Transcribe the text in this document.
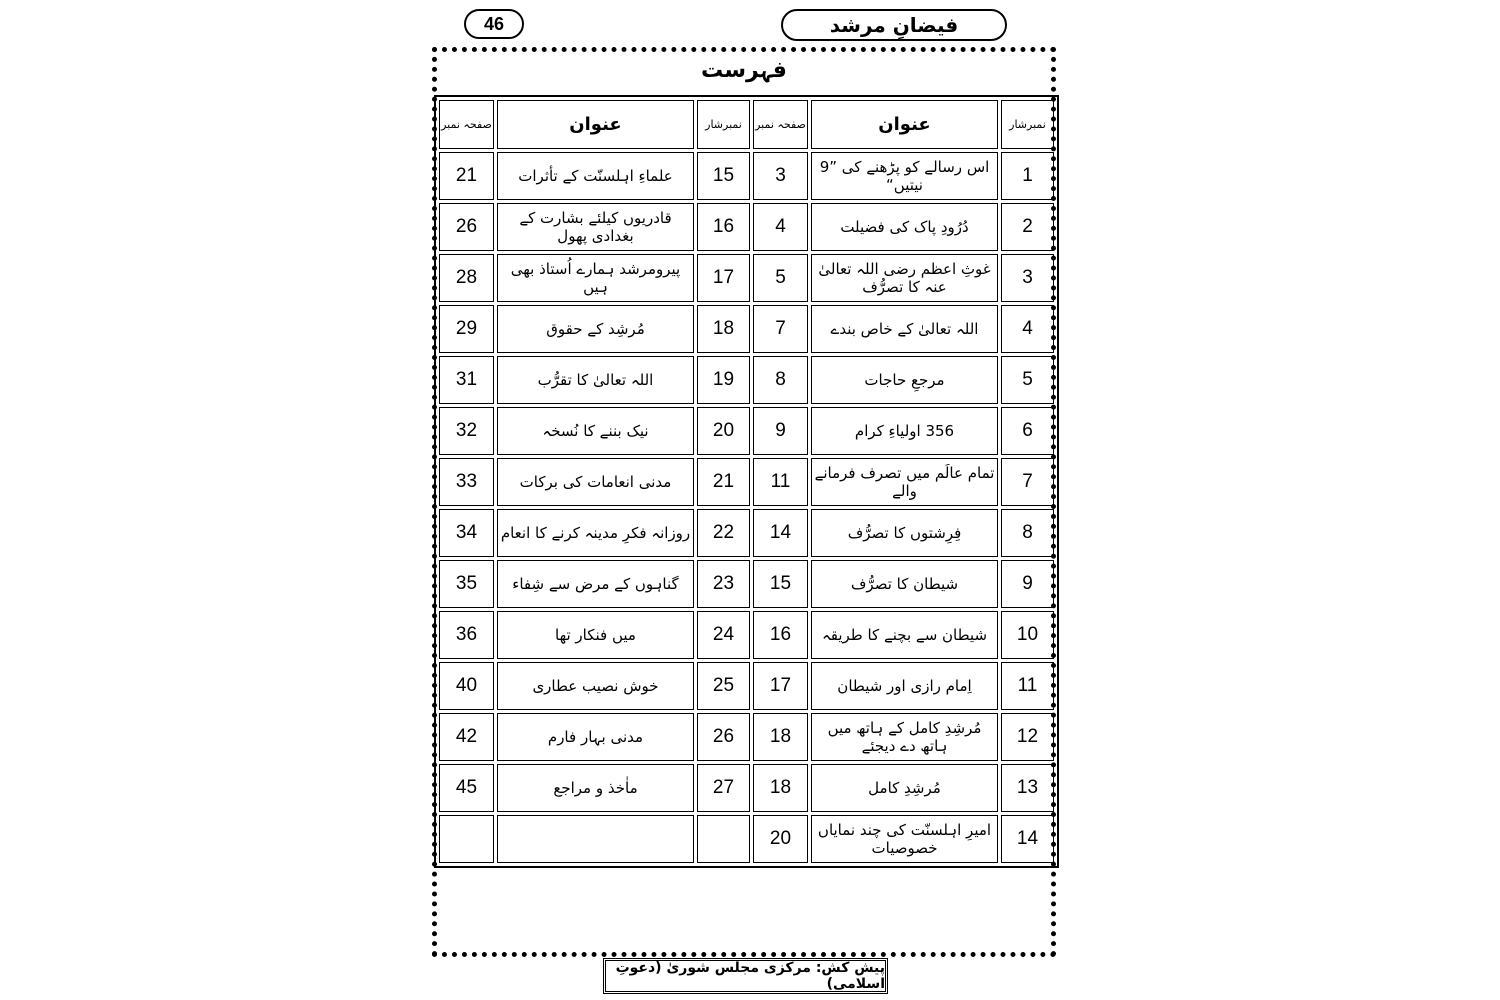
46	فیضانِ مرشد
فہرست
صفحہ نمبر	عنوان	نمبرشار	صفحہ نمبر	عنوان	نمبرشار
21	علماءِ اہلسنّت کے تأثرات	15	3	اس رسالے کو پڑھنے کی ”9 نیتیں“	1
26	قادریوں کیلئے بشارت کے بغدادی پھول	16	4	دُرُودِ پاک کی فضیلت	2
28	پیرومرشد ہمارے اُستاذ بھی ہیں	17	5	غوثِ اعظم رضی اللہ تعالیٰ عنہ کا تصرُّف	3
29	مُرشِد کے حقوق	18	7	اللہ تعالیٰ کے خاص بندے	4
31	اللہ تعالیٰ کا تقرُّب	19	8	مرجعِ حاجات	5
32	نیک بننے کا نُسخہ	20	9	356 اولیاءِ کرام	6
33	مدنی انعامات کی برکات	21	11	تمام عالَم میں تصرف فرمانے والے	7
34	روزانہ فکرِ مدینہ کرنے کا انعام	22	14	فِرِشتوں کا تصرُّف	8
35	گناہوں کے مرض سے شِفاء	23	15	شیطان کا تصرُّف	9
36	میں فنکار تھا	24	16	شیطان سے بچنے کا طریقہ	10
40	خوش نصیب عطاری	25	17	اِمام رازی اور شیطان	11
42	مدنی بہار فارم	26	18	مُرشِدِ کامل کے ہاتھ میں ہاتھ دے دیجئے	12
45	ماٰخذ و مراجع	27	18	مُرشِدِ کامل	13
			20	امیرِ اہلسنّت کی چند نمایاں خصوصیات	14
پیش کش: مرکزی مجلس شوریٰ (دعوتِ اسلامی)
